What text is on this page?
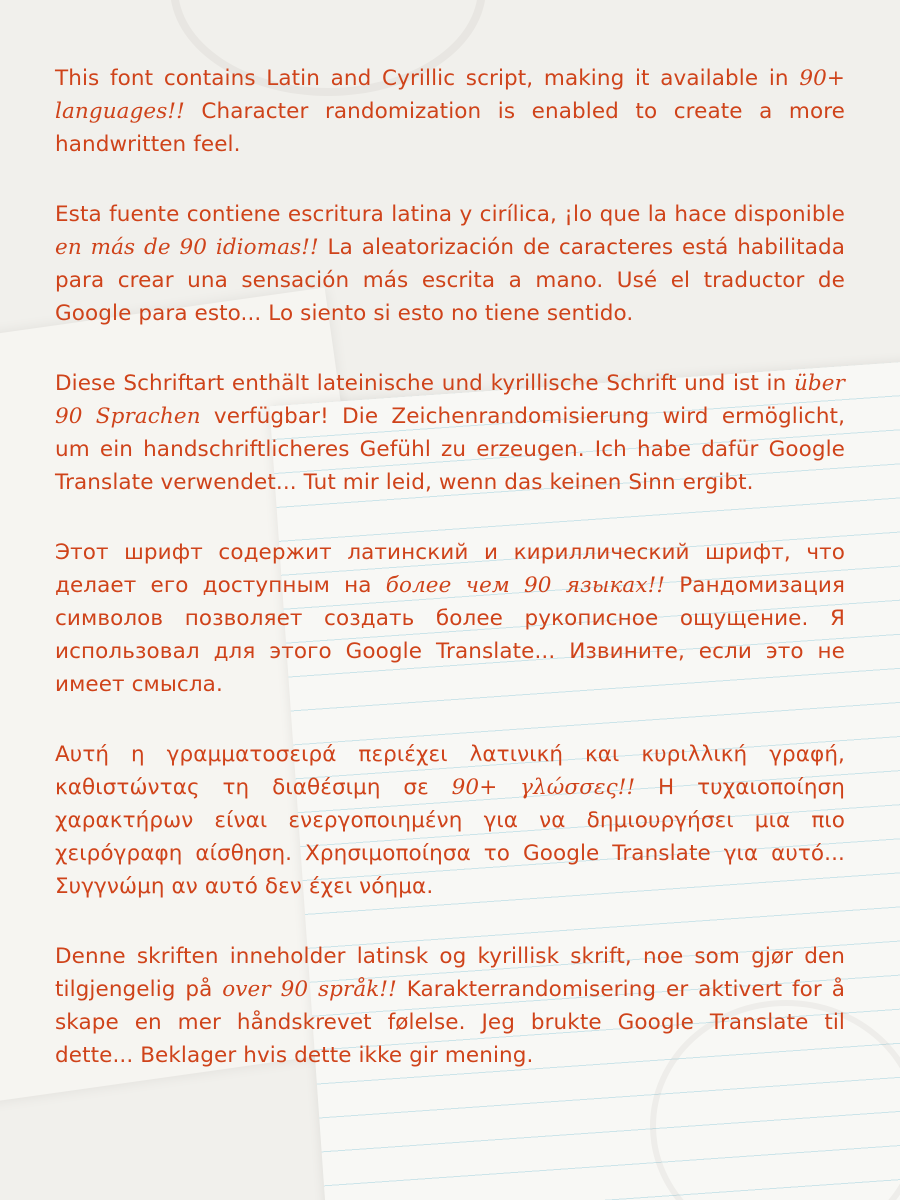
This font contains Latin and Cyrillic script, making it available in 90+ languages!! Character randomization is enabled to create a more handwritten feel.

Esta fuente contiene escritura latina y cirílica, ¡lo que la hace disponible en más de 90 idiomas!! La aleatorización de caracteres está habilitada para crear una sensación más escrita a mano. Usé el traductor de Google para esto... Lo siento si esto no tiene sentido.

Diese Schriftart enthält lateinische und kyrillische Schrift und ist in über 90 Sprachen verfügbar! Die Zeichenrandomisierung wird ermöglicht, um ein handschriftlicheres Gefühl zu erzeugen. Ich habe dafür Google Translate verwendet... Tut mir leid, wenn das keinen Sinn ergibt.

Этот шрифт содержит латинский и кириллический шрифт, что делает его доступным на более чем 90 языках!! Рандомизация символов позволяет создать более рукописное ощущение. Я использовал для этого Google Translate... Извините, если это не имеет смысла.

Αυτή η γραμματοσειρά περιέχει λατινική και κυριλλική γραφή, καθιστώντας τη διαθέσιμη σε 90+ γλώσσες!! Η τυχαιοποίηση χαρακτήρων είναι ενεργοποιημένη για να δημιουργήσει μια πιο χειρόγραφη αίσθηση. Χρησιμοποίησα το Google Translate για αυτό... Συγγνώμη αν αυτό δεν έχει νόημα.

Denne skriften inneholder latinsk og kyrillisk skrift, noe som gjør den tilgjengelig på over 90 språk!! Karakterrandomisering er aktivert for å skape en mer håndskrevet følelse. Jeg brukte Google Translate til dette... Beklager hvis dette ikke gir mening.
